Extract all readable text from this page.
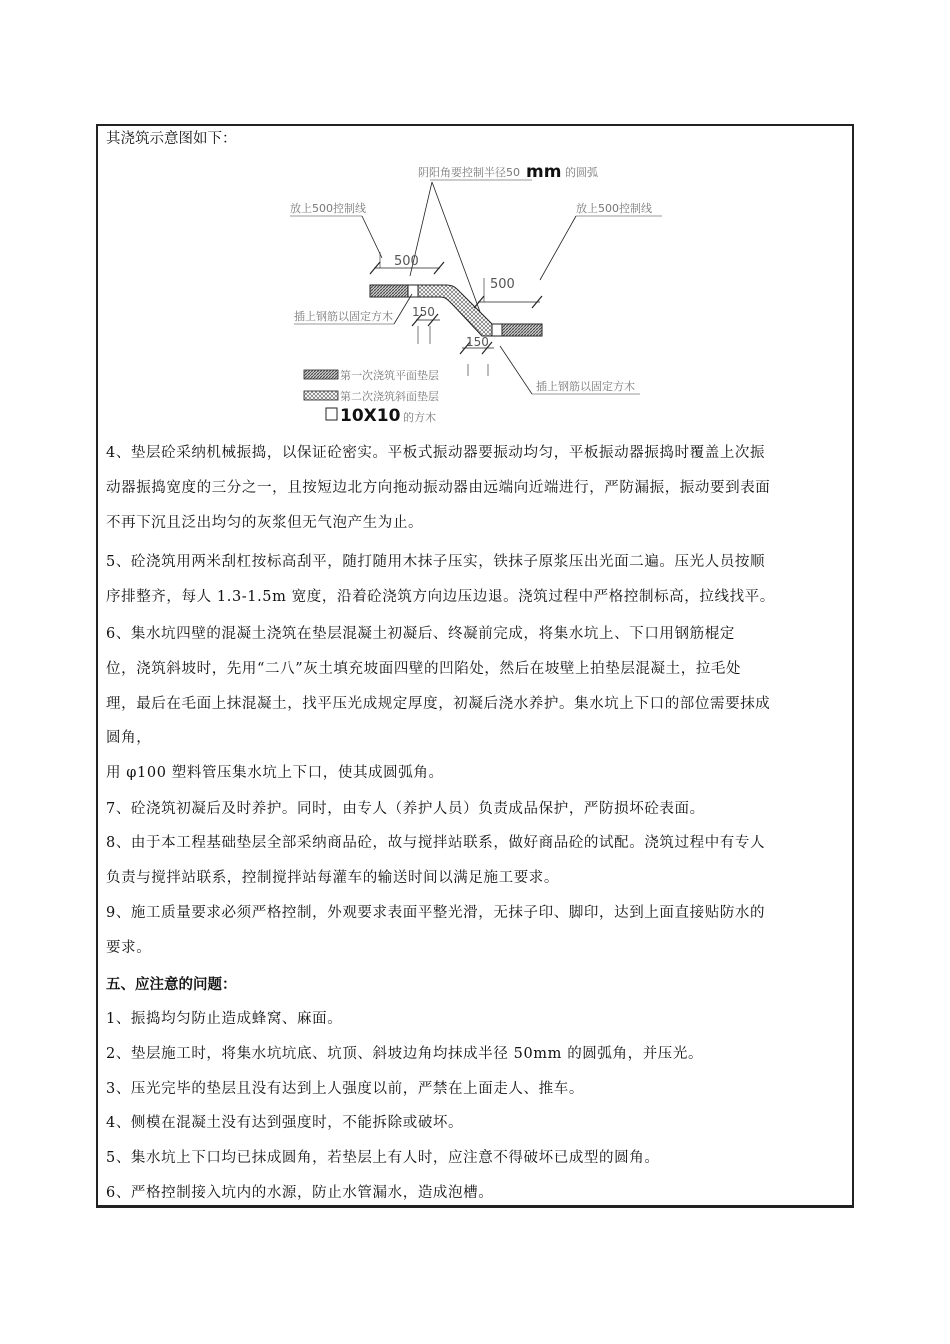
其浇筑示意图如下：

阴阳角要控制半径50 mm 的圆弧
放上500控制线	放上500控制线
500
150
500
150
插上钢筋以固定方木
插上钢筋以固定方木
第一次浇筑平面垫层
第二次浇筑斜面垫层
10X10 的方木
4、垫层砼采纳机械振捣，以保证砼密实。平板式振动器要振动均匀，平板振动器振捣时覆盖上次振
动器振捣宽度的三分之一，且按短边北方向拖动振动器由远端向近端进行，严防漏振，振动要到表面
不再下沉且泛出均匀的灰浆但无气泡产生为止。
5、砼浇筑用两米刮杠按标高刮平，随打随用木抹子压实，铁抹子原浆压出光面二遍。压光人员按顺
序排整齐，每人 1.3-1.5m 宽度，沿着砼浇筑方向边压边退。浇筑过程中严格控制标高，拉线找平。
6、集水坑四壁的混凝土浇筑在垫层混凝土初凝后、终凝前完成，将集水坑上、下口用钢筋棍定
位，浇筑斜坡时，先用“二八”灰土填充坡面四壁的凹陷处，然后在坡壁上拍垫层混凝土，拉毛处
理，最后在毛面上抹混凝土，找平压光成规定厚度，初凝后浇水养护。集水坑上下口的部位需要抹成
圆角，
用 φ100 塑料管压集水坑上下口，使其成圆弧角。
7、砼浇筑初凝后及时养护。同时，由专人（养护人员）负责成品保护，严防损坏砼表面。
8、由于本工程基础垫层全部采纳商品砼，故与搅拌站联系，做好商品砼的试配。浇筑过程中有专人
负责与搅拌站联系，控制搅拌站每灌车的输送时间以满足施工要求。
9、施工质量要求必须严格控制，外观要求表面平整光滑，无抹子印、脚印，达到上面直接贴防水的
要求。

五、应注意的问题：

1、振捣均匀防止造成蜂窝、麻面。
2、垫层施工时，将集水坑坑底、坑顶、斜坡边角均抹成半径 50mm 的圆弧角，并压光。
3、压光完毕的垫层且没有达到上人强度以前，严禁在上面走人、推车。
4、侧模在混凝土没有达到强度时，不能拆除或破坏。
5、集水坑上下口均已抹成圆角，若垫层上有人时，应注意不得破坏已成型的圆角。
6、严格控制接入坑内的水源，防止水管漏水，造成泡槽。
